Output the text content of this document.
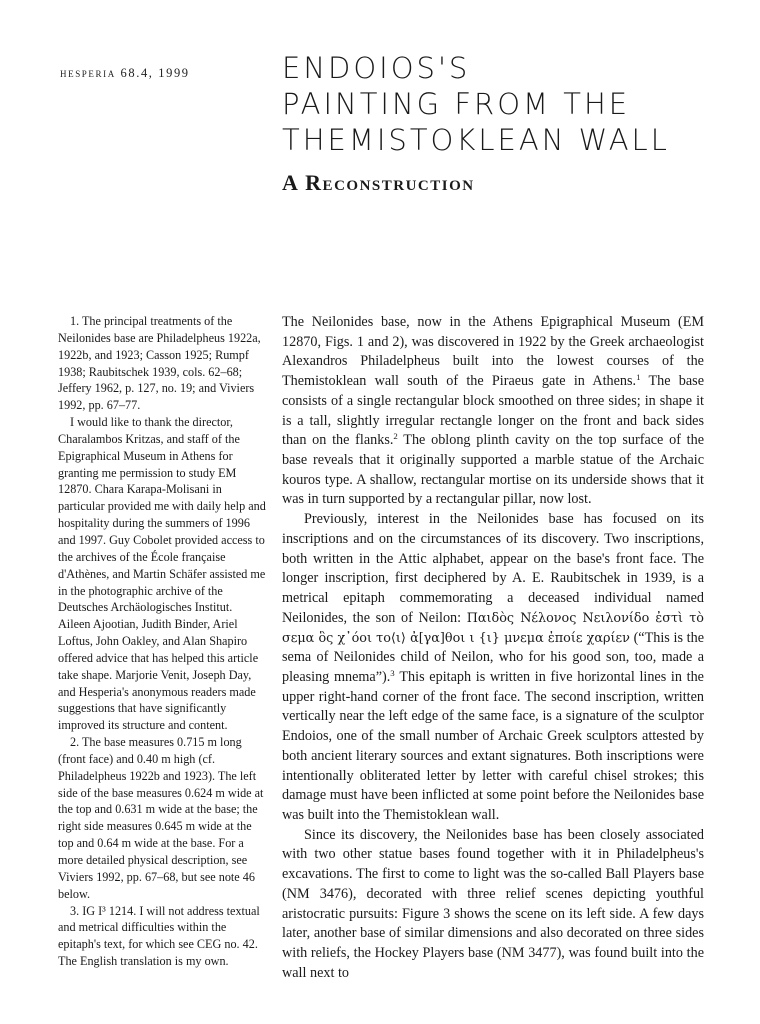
hesperia 68.4, 1999	ENDOIOS'S
PAINTING FROM THE
THEMISTOKLEAN WALL
A Reconstruction

1. The principal treatments of the Neilonides base are Philadelpheus 1922a, 1922b, and 1923; Casson 1925; Rumpf 1938; Raubitschek 1939, cols. 62–68; Jeffery 1962, p. 127, no. 19; and Viviers 1992, pp. 67–77.

I would like to thank the director, Charalambos Kritzas, and staff of the Epigraphical Museum in Athens for granting me permission to study EM 12870. Chara Karapa-Molisani in particular provided me with daily help and hospitality during the summers of 1996 and 1997. Guy Cobolet provided access to the archives of the École française d'Athènes, and Martin Schäfer assisted me in the photographic archive of the Deutsches Archäologisches Institut. Aileen Ajootian, Judith Binder, Ariel Loftus, John Oakley, and Alan Shapiro offered advice that has helped this article take shape. Marjorie Venit, Joseph Day, and Hesperia's anonymous readers made suggestions that have significantly improved its structure and content.

2. The base measures 0.715 m long (front face) and 0.40 m high (cf. Philadelpheus 1922b and 1923). The left side of the base measures 0.624 m wide at the top and 0.631 m wide at the base; the right side measures 0.645 m wide at the top and 0.64 m wide at the base. For a more detailed physical description, see Viviers 1992, pp. 67–68, but see note 46 below.

3. IG I³ 1214. I will not address textual and metrical difficulties within the epitaph's text, for which see CEG no. 42. The English translation is my own.

The Neilonides base, now in the Athens Epigraphical Museum (EM 12870, Figs. 1 and 2), was discovered in 1922 by the Greek archaeologist Alexandros Philadelpheus built into the lowest courses of the Themistoklean wall south of the Piraeus gate in Athens.$^1$ The base consists of a single rectangular block smoothed on three sides; in shape it is a tall, slightly irregular rectangle longer on the front and back sides than on the flanks.$^2$ The oblong plinth cavity on the top surface of the base reveals that it originally supported a marble statue of the Archaic kouros type. A shallow, rectangular mortise on its underside shows that it was in turn supported by a rectangular pillar, now lost.

Previously, interest in the Neilonides base has focused on its inscriptions and on the circumstances of its discovery. Two inscriptions, both written in the Attic alphabet, appear on the base's front face. The longer inscription, first deciphered by A. E. Raubitschek in 1939, is a metrical epitaph commemorating a deceased individual named Neilonides, the son of Neilon: Παιδὸς Νέλονος Νειλονίδο ἐστὶ τὸ σεμα ὃς χ᾽όοι το⟨ι⟩ ἀ[γα]θοι ι {ι} μνεμα ἐποίε χαρίεν (“This is the sema of Neilonides child of Neilon, who for his good son, too, made a pleasing mnema”).$^3$ This epitaph is written in five horizontal lines in the upper right-hand corner of the front face. The second inscription, written vertically near the left edge of the same face, is a signature of the sculptor Endoios, one of the small number of Archaic Greek sculptors attested by both ancient literary sources and extant signatures. Both inscriptions were intentionally obliterated letter by letter with careful chisel strokes; this damage must have been inflicted at some point before the Neilonides base was built into the Themistoklean wall.

Since its discovery, the Neilonides base has been closely associated with two other statue bases found together with it in Philadelpheus's excavations. The first to come to light was the so-called Ball Players base (NM 3476), decorated with three relief scenes depicting youthful aristocratic pursuits: Figure 3 shows the scene on its left side. A few days later, another base of similar dimensions and also decorated on three sides with reliefs, the Hockey Players base (NM 3477), was found built into the wall next to
